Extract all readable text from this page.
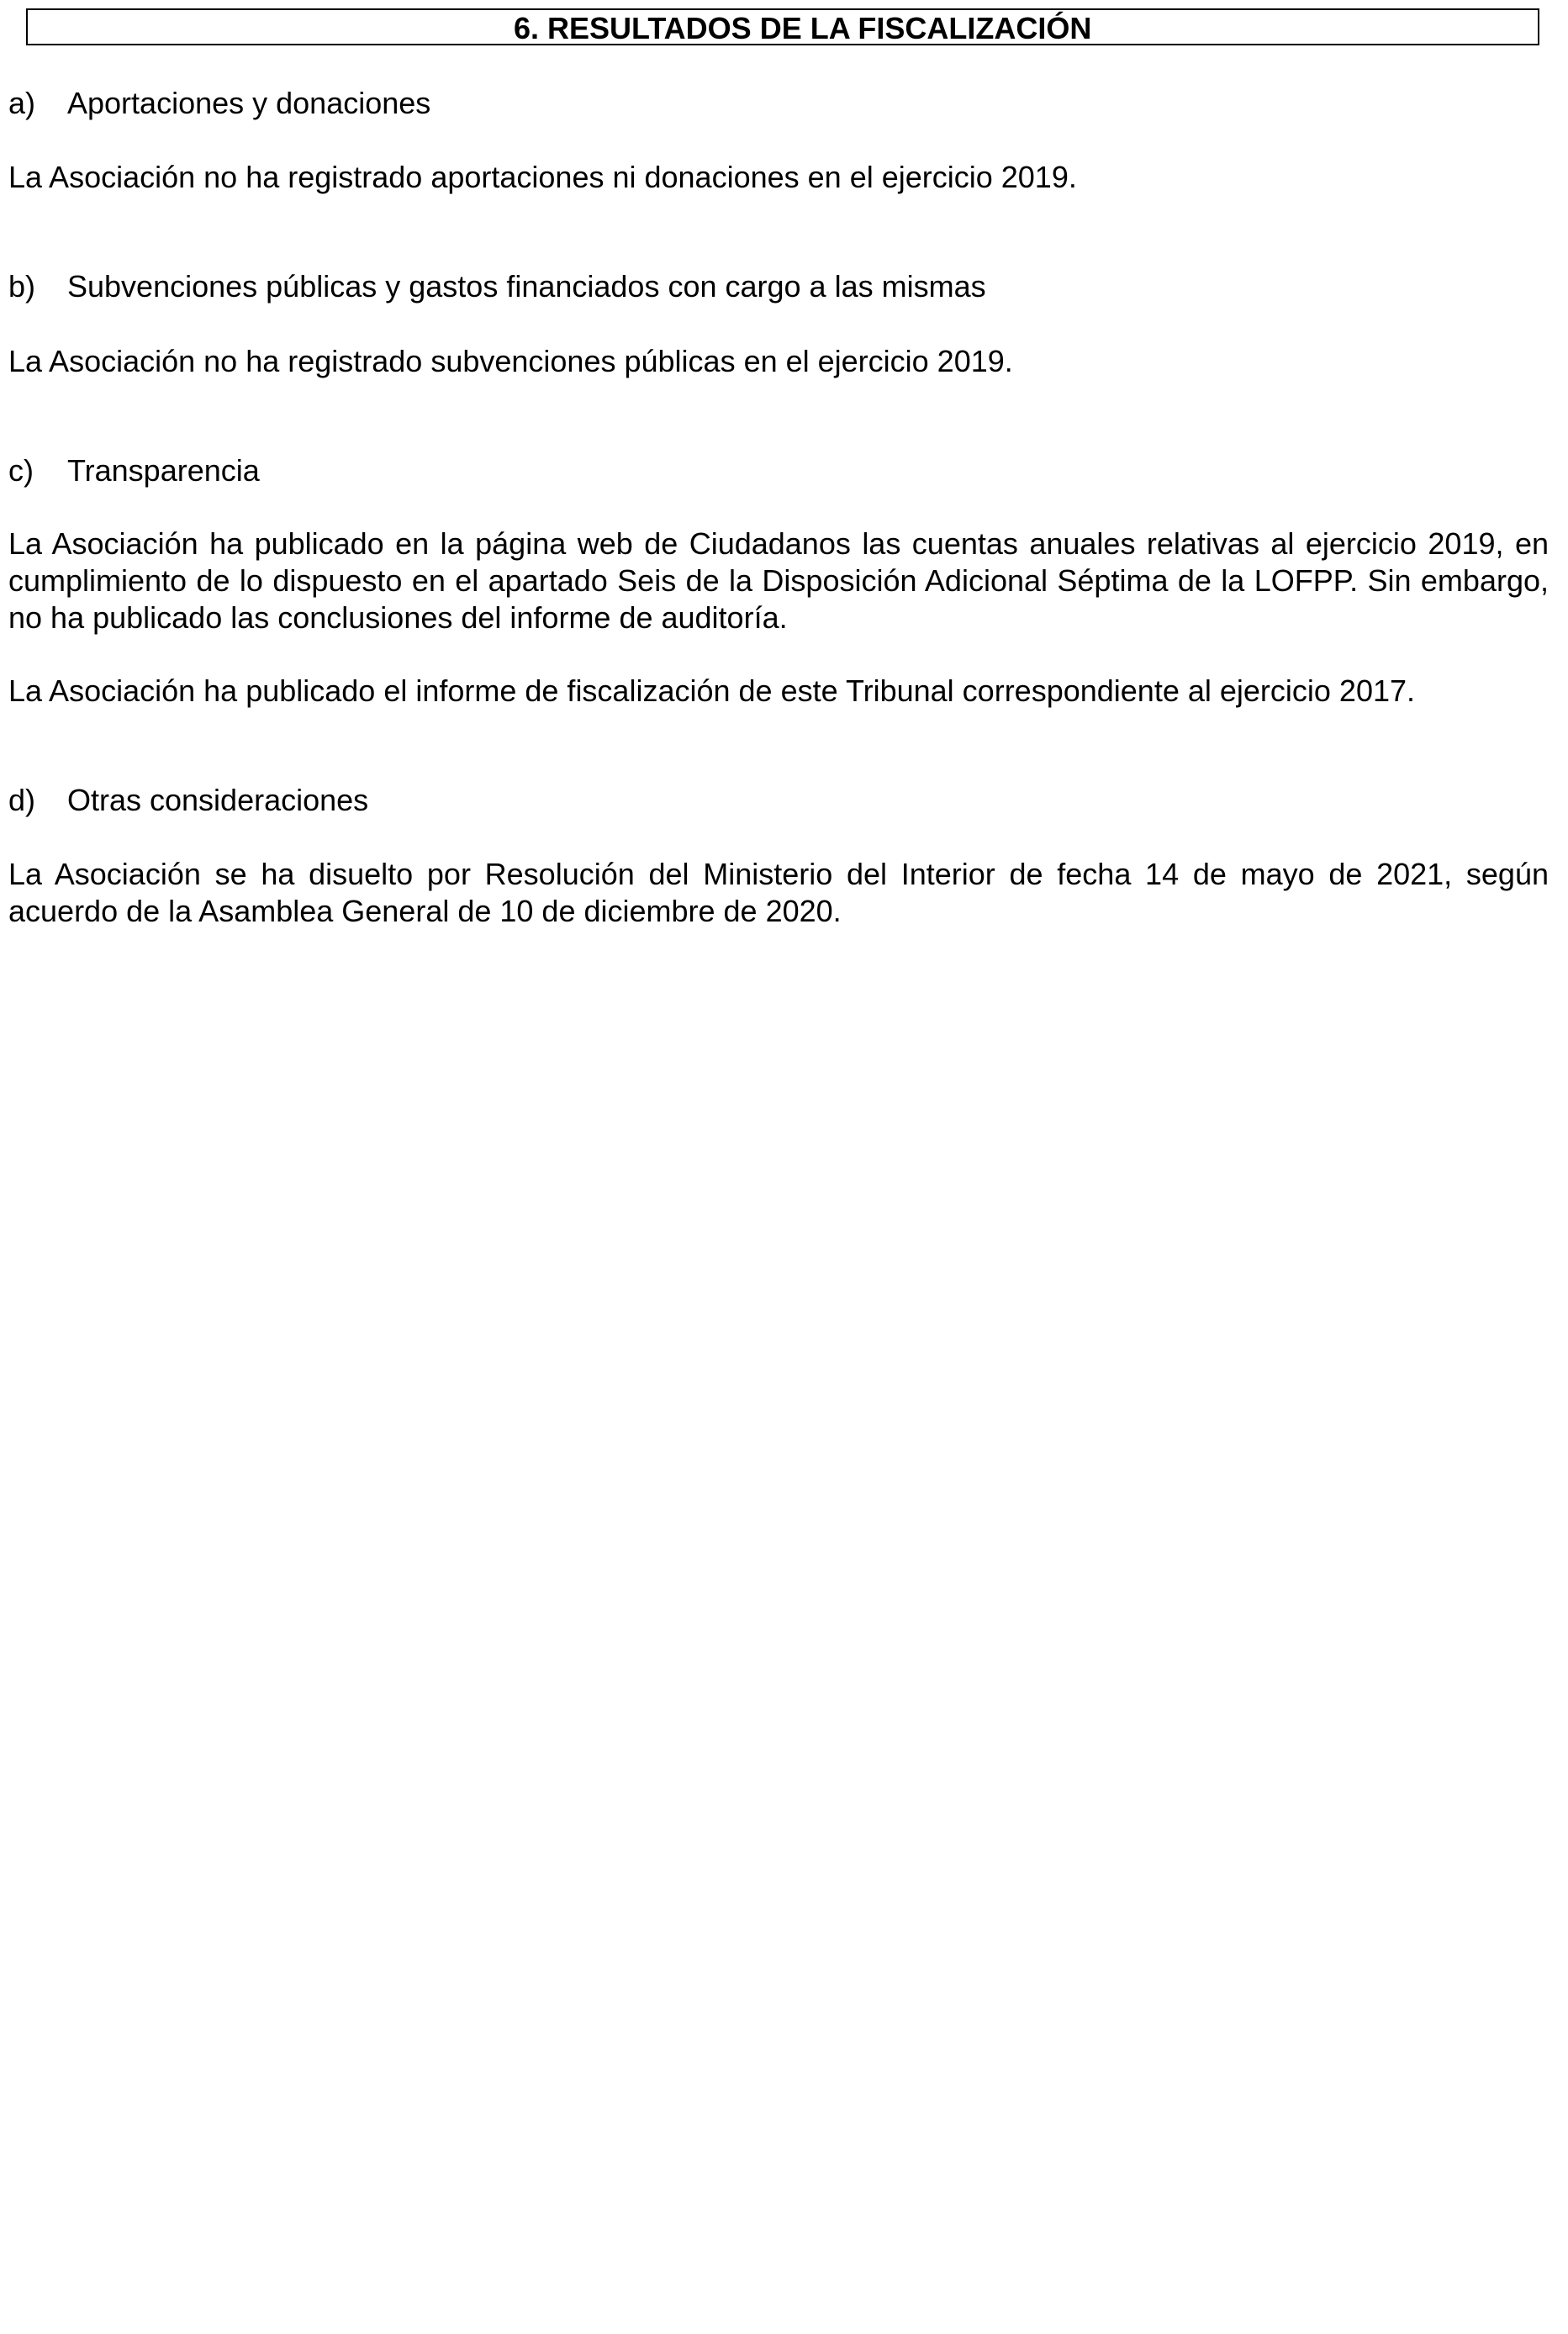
6. RESULTADOS DE LA FISCALIZACIÓN
a) Aportaciones y donaciones
La Asociación no ha registrado aportaciones ni donaciones en el ejercicio 2019.
b) Subvenciones públicas y gastos financiados con cargo a las mismas
La Asociación no ha registrado subvenciones públicas en el ejercicio 2019.
c) Transparencia
La Asociación ha publicado en la página web de Ciudadanos las cuentas anuales relativas al ejercicio 2019, en cumplimiento de lo dispuesto en el apartado Seis de la Disposición Adicional Séptima de la LOFPP. Sin embargo, no ha publicado las conclusiones del informe de auditoría.
La Asociación ha publicado el informe de fiscalización de este Tribunal correspondiente al ejercicio 2017.
d) Otras consideraciones
La Asociación se ha disuelto por Resolución del Ministerio del Interior de fecha 14 de mayo de 2021, según acuerdo de la Asamblea General de 10 de diciembre de 2020.
